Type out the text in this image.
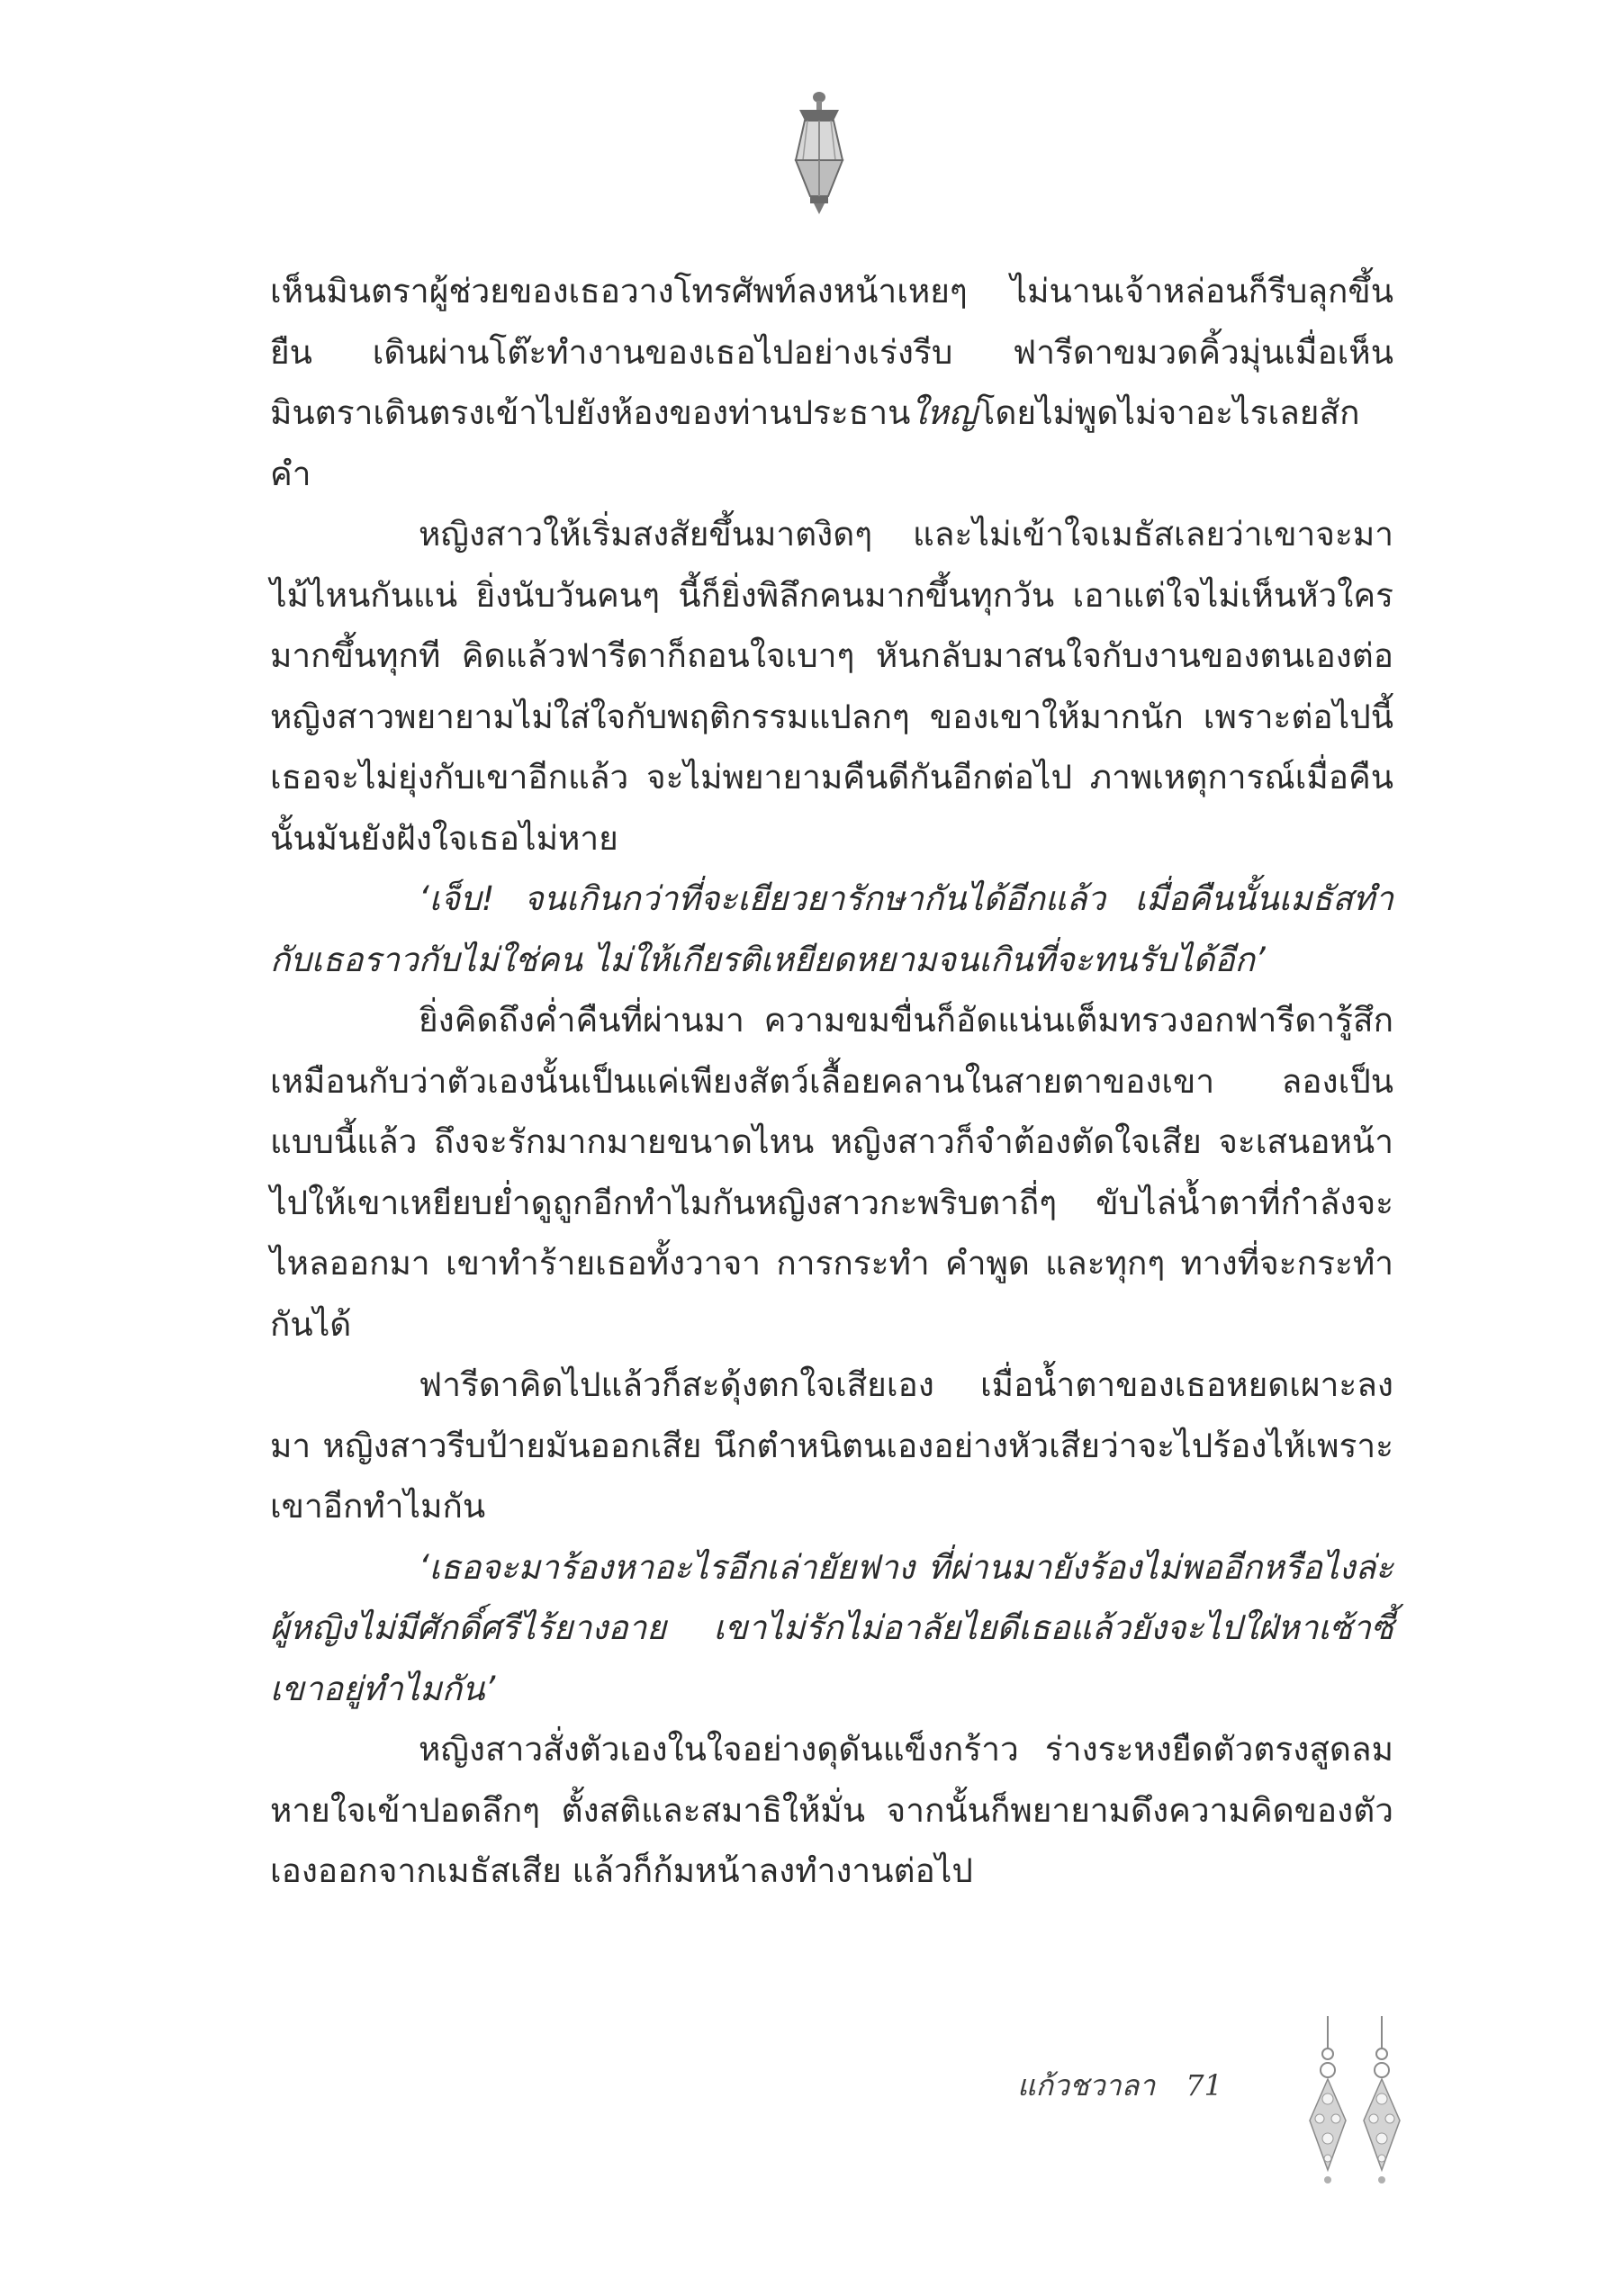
เห็นมินตราผู้ช่วยของเธอวางโทรศัพท์ลงหน้าเหยๆ ไม่นานเจ้าหล่อนก็รีบลุกขึ้นยืน เดินผ่านโต๊ะทำงานของเธอไปอย่างเร่งรีบ ฟารีดาขมวดคิ้วมุ่นเมื่อเห็นมินตราเดินตรงเข้าไปยังห้องของท่านประธานใหญ่โดยไม่พูดไม่จาอะไรเลยสักคำ

หญิงสาวให้เริ่มสงสัยขึ้นมาตงิดๆ และไม่เข้าใจเมธัสเลยว่าเขาจะมาไม้ไหนกันแน่ ยิ่งนับวันคนๆ นี้ก็ยิ่งพิลึกคนมากขึ้นทุกวัน เอาแต่ใจไม่เห็นหัวใครมากขึ้นทุกที คิดแล้วฟารีดาก็ถอนใจเบาๆ หันกลับมาสนใจกับงานของตนเองต่อ หญิงสาวพยายามไม่ใส่ใจกับพฤติกรรมแปลกๆ ของเขาให้มากนัก เพราะต่อไปนี้เธอจะไม่ยุ่งกับเขาอีกแล้ว จะไม่พยายามคืนดีกันอีกต่อไป ภาพเหตุการณ์เมื่อคืนนั้นมันยังฝังใจเธอไม่หาย

‘เจ็บ! จนเกินกว่าที่จะเยียวยารักษากันได้อีกแล้ว เมื่อคืนนั้นเมธัสทำกับเธอราวกับไม่ใช่คน ไม่ให้เกียรติเหยียดหยามจนเกินที่จะทนรับได้อีก’

ยิ่งคิดถึงค่ำคืนที่ผ่านมา ความขมขื่นก็อัดแน่นเต็มทรวงอกฟารีดารู้สึกเหมือนกับว่าตัวเองนั้นเป็นแค่เพียงสัตว์เลื้อยคลานในสายตาของเขา ลองเป็นแบบนี้แล้ว ถึงจะรักมากมายขนาดไหน หญิงสาวก็จำต้องตัดใจเสีย จะเสนอหน้าไปให้เขาเหยียบย่ำดูถูกอีกทำไมกันหญิงสาวกะพริบตาถี่ๆ ขับไล่น้ำตาที่กำลังจะไหลออกมา เขาทำร้ายเธอทั้งวาจา การกระทำ คำพูด และทุกๆ ทางที่จะกระทำกันได้

ฟารีดาคิดไปแล้วก็สะดุ้งตกใจเสียเอง เมื่อน้ำตาของเธอหยดเผาะลงมา หญิงสาวรีบป้ายมันออกเสีย นึกตำหนิตนเองอย่างหัวเสียว่าจะไปร้องไห้เพราะเขาอีกทำไมกัน

‘เธอจะมาร้องหาอะไรอีกเล่ายัยฟาง ที่ผ่านมายังร้องไม่พออีกหรือไงล่ะ ผู้หญิงไม่มีศักดิ์ศรีไร้ยางอาย เขาไม่รักไม่อาลัยไยดีเธอแล้วยังจะไปใฝ่หาเซ้าซี้เขาอยู่ทำไมกัน’

หญิงสาวสั่งตัวเองในใจอย่างดุดันแข็งกร้าว ร่างระหงยืดตัวตรงสูดลมหายใจเข้าปอดลึกๆ ตั้งสติและสมาธิให้มั่น จากนั้นก็พยายามดึงความคิดของตัวเองออกจากเมธัสเสีย แล้วก็ก้มหน้าลงทำงานต่อไป

แก้วชวาลา 71
